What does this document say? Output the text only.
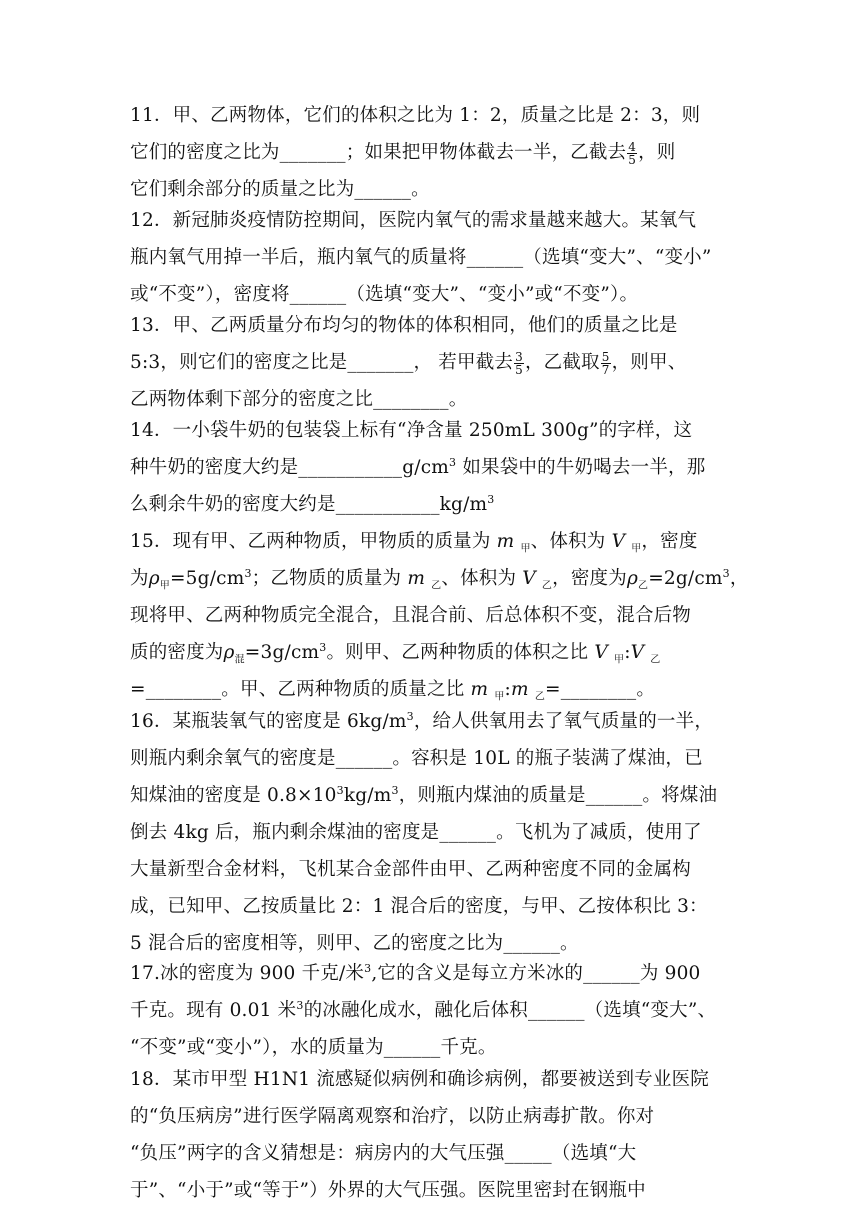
11．甲、乙两物体，它们的体积之比为 1：2，质量之比是 2：3，则
它们的密度之比为_______；如果把甲物体截去一半，乙截去 $\frac{4}{5}$ ，则
它们剩余部分的质量之比为______。
12．新冠肺炎疫情防控期间，医院内氧气的需求量越来越大。某氧气
瓶内氧气用掉一半后，瓶内氧气的质量将______（选填“变大”、“变小”
或“不变”），密度将______（选填“变大”、“变小”或“不变”）。
13．甲、乙两质量分布均匀的物体的体积相同，他们的质量之比是
5:3，则它们的密度之比是_______， 若甲截去 $\frac{3}{5}$ ，乙截取 $\frac{5}{7}$ ，则甲、
乙两物体剩下部分的密度之比________。
14．一小袋牛奶的包装袋上标有“净含量 250mL 300g”的字样，这
种牛奶的密度大约是$\_\_\_\_\_\_\_\_\_\_\_g/cm^3$ 如果袋中的牛奶喝去一半，那
么剩余牛奶的密度大约是$\_\_\_\_\_\_\_\_\_\_\_kg/m^3$
15．现有甲、乙两种物质，甲物质的质量为 m $_甲$、体积为 V $_甲$，密度
为$\rho_甲=5g/cm^3$；乙物质的质量为 m $_乙$、体积为 V $_乙$，密度为$\rho_乙=2g/cm^3$，
现将甲、乙两种物质完全混合，且混合前、后总体积不变，混合后物
质的密度为$\rho_混=3g/cm^3$。则甲、乙两种物质的体积之比 V $_甲$:V $_乙$
=________。甲、乙两种物质的质量之比 m $_甲$:m $_乙$=________。
16．某瓶装氧气的密度是 $6kg/m^3$，给人供氧用去了氧气质量的一半，
则瓶内剩余氧气的密度是______。容积是 10L 的瓶子装满了煤油，已
知煤油的密度是 $0.8\times 10^3kg/m^3$，则瓶内煤油的质量是______。将煤油
倒去 4kg 后，瓶内剩余煤油的密度是______。飞机为了减质，使用了
大量新型合金材料，飞机某合金部件由甲、乙两种密度不同的金属构
成，已知甲、乙按质量比 2：1 混合后的密度，与甲、乙按体积比 3：
5 混合后的密度相等，则甲、乙的密度之比为______。
17.冰的密度为 900 千克/米$^3$,它的含义是每立方米冰的______为 900
千克。现有 0.01 米$^3$的冰融化成水，融化后体积______（选填“变大”、
“不变”或“变小”），水的质量为______千克。
18．某市甲型 H1N1 流感疑似病例和确诊病例，都要被送到专业医院
的“负压病房”进行医学隔离观察和治疗，以防止病毒扩散。你对
“负压”两字的含义猜想是：病房内的大气压强_____（选填“大
于”、“小于”或“等于”）外界的大气压强。医院里密封在钢瓶中
